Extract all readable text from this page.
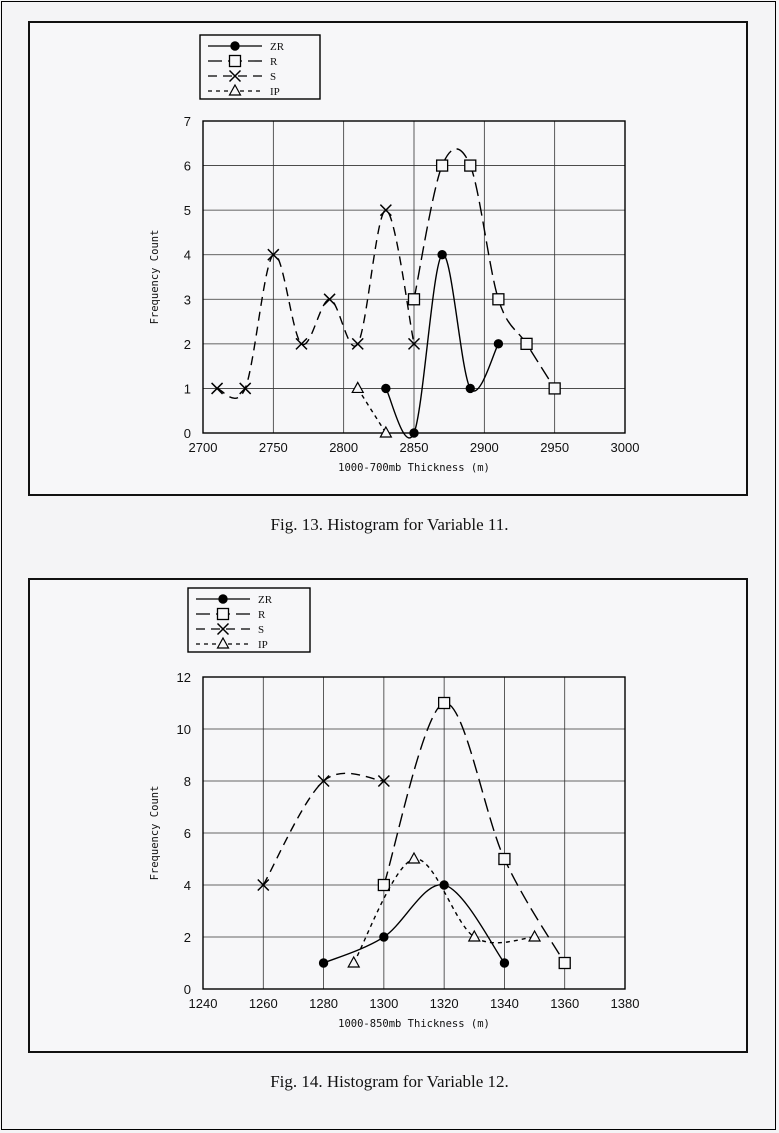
2700	2750	2800	2850	2900	2950	3000
0
1
2
3
4
5
6
7
1000-700mb Thickness (m)
Frequency Count
ZR
R
S
IP
Fig. 13. Histogram for Variable 11.
1240 1260 1280 1300 1320 1340 1360 1380
0
2
4
6
8
10
12
1000-850mb Thickness (m)
Frequency Count
ZR
R
S
IP
Fig. 14. Histogram for Variable 12.
